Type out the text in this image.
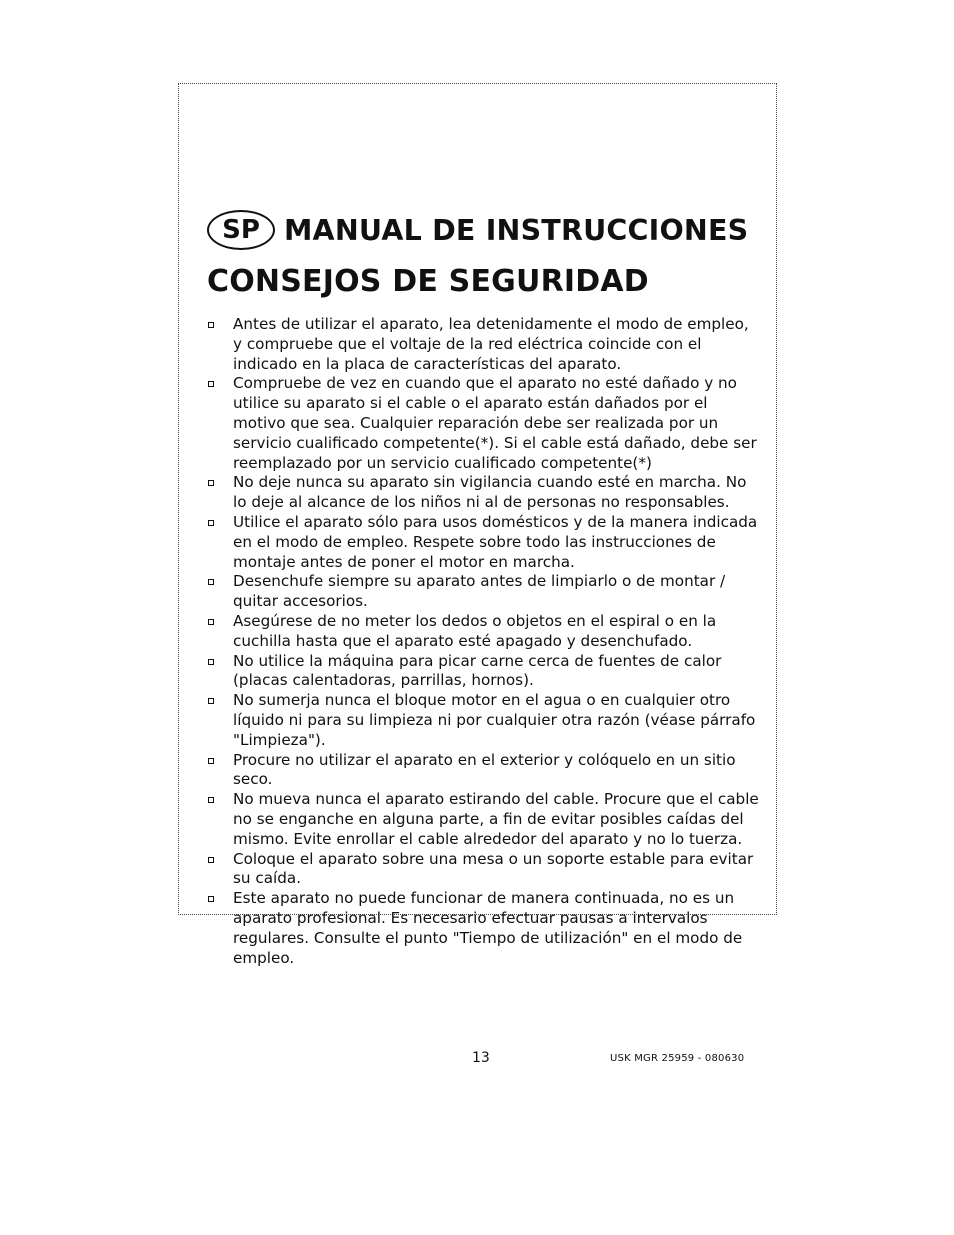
SP MANUAL DE INSTRUCCIONES
CONSEJOS DE SEGURIDAD
Antes de utilizar el aparato, lea detenidamente el modo de empleo, y compruebe que el voltaje de la red eléctrica coincide con el indicado en la placa de características del aparato.
Compruebe de vez en cuando que el aparato no esté dañado y no utilice su aparato si el cable o el aparato están dañados por el motivo que sea. Cualquier reparación debe ser realizada por un servicio cualificado competente(*). Si el cable está dañado, debe ser reemplazado por un servicio cualificado competente(*)
No deje nunca su aparato sin vigilancia cuando esté en marcha. No lo deje al alcance de los niños ni al de personas no responsables.
Utilice el aparato sólo para usos domésticos y de la manera indicada en el modo de empleo. Respete sobre todo las instrucciones de montaje antes de poner el motor en marcha.
Desenchufe siempre su aparato antes de limpiarlo o de montar / quitar accesorios.
Asegúrese de no meter los dedos o objetos en el espiral o en la cuchilla hasta que el aparato esté apagado y desenchufado.
No utilice la máquina para picar carne cerca de fuentes de calor (placas calentadoras, parrillas, hornos).
No sumerja nunca el bloque motor en el agua o en cualquier otro líquido ni para su limpieza ni por cualquier otra razón (véase párrafo "Limpieza").
Procure no utilizar el aparato en el exterior y colóquelo en un sitio seco.
No mueva nunca el aparato estirando del cable. Procure que el cable no se enganche en alguna parte, a fin de evitar posibles caídas del mismo. Evite enrollar el cable alrededor del aparato y no lo tuerza.
Coloque el aparato sobre una mesa o un soporte estable para evitar su caída.
Este aparato no puede funcionar de manera continuada, no es un aparato profesional. Es necesario efectuar pausas a intervalos regulares. Consulte el punto "Tiempo de utilización" en el modo de empleo.
13	USK MGR 25959 - 080630
